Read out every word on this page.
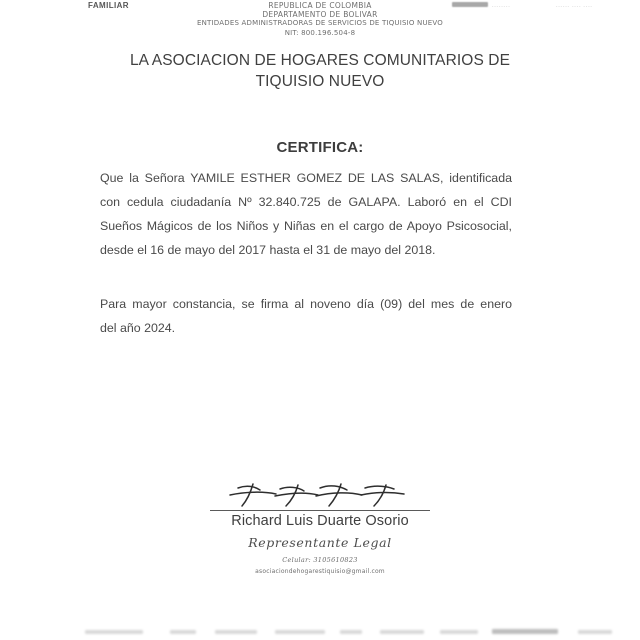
FAMILIAR	--------	------ ---- ----
REPUBLICA DE COLOMBIA
DEPARTAMENTO DE BOLIVAR
ENTIDADES ADMINISTRADORAS DE SERVICIOS DE TIQUISIO NUEVO
NIT: 800.196.504-8
LA ASOCIACION DE HOGARES COMUNITARIOS DE
TIQUISIO NUEVO
CERTIFICA:
Que la Señora YAMILE ESTHER GOMEZ DE LAS SALAS, identificada
con cedula ciudadanía Nº 32.840.725 de GALAPA. Laboró en el CDI
Sueños Mágicos de los Niños y Niñas en el cargo de Apoyo Psicosocial,
desde el 16 de mayo del 2017 hasta el 31 de mayo del 2018.
Para mayor constancia, se firma al noveno día (09) del mes de enero
del año 2024.
Richard Luis Duarte Osorio
Representante Legal
Celular: 3105610823
asociaciondehogarestiquisio@gmail.com
